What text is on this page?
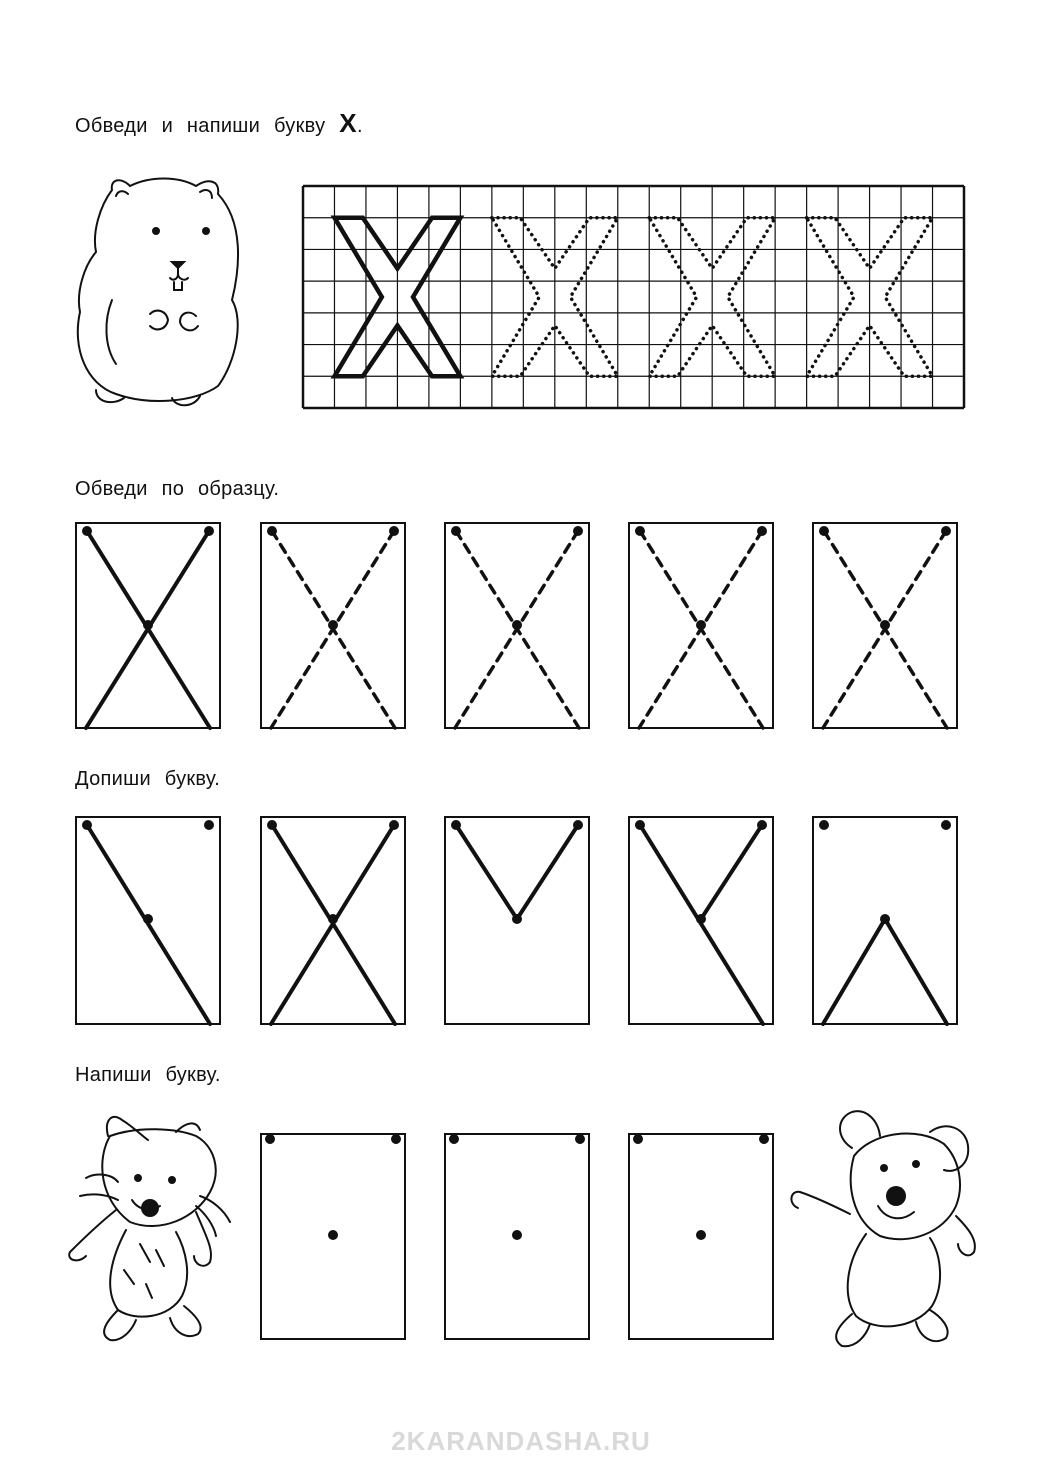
Обведи и напиши букву Х.
Обведи по образцу.
Допиши букву.
Напиши букву.
2KARANDASHA.RU
